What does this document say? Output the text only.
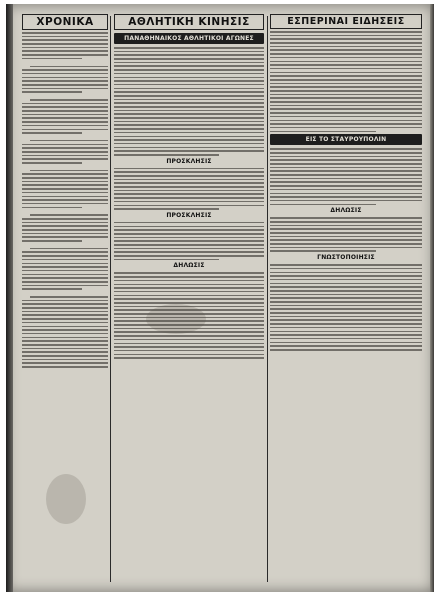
ΧΡΟΝΙΚΑ	ΑΘΛΗΤΙΚΗ ΚΙΝΗΣΙΣ
ΠΑΝΑΘΗΝΑΙΚΟΣ ΑΘΛΗΤΙΚΟΙ ΑΓΩΝΕΣ
ΠΡΟΣΚΛΗΣΙΣ
ΠΡΟΣΚΛΗΣΙΣ
ΔΗΛΩΣΙΣ
ΕΣΠΕΡΙΝΑΙ ΕΙΔΗΣΕΙΣ
ΕΙΣ ΤΟ ΣΤΑΥΡΟΥΠΟΛΙΝ
ΔΗΛΩΣΙΣ
ΓΝΩΣΤΟΠΟΙΗΣΙΣ
